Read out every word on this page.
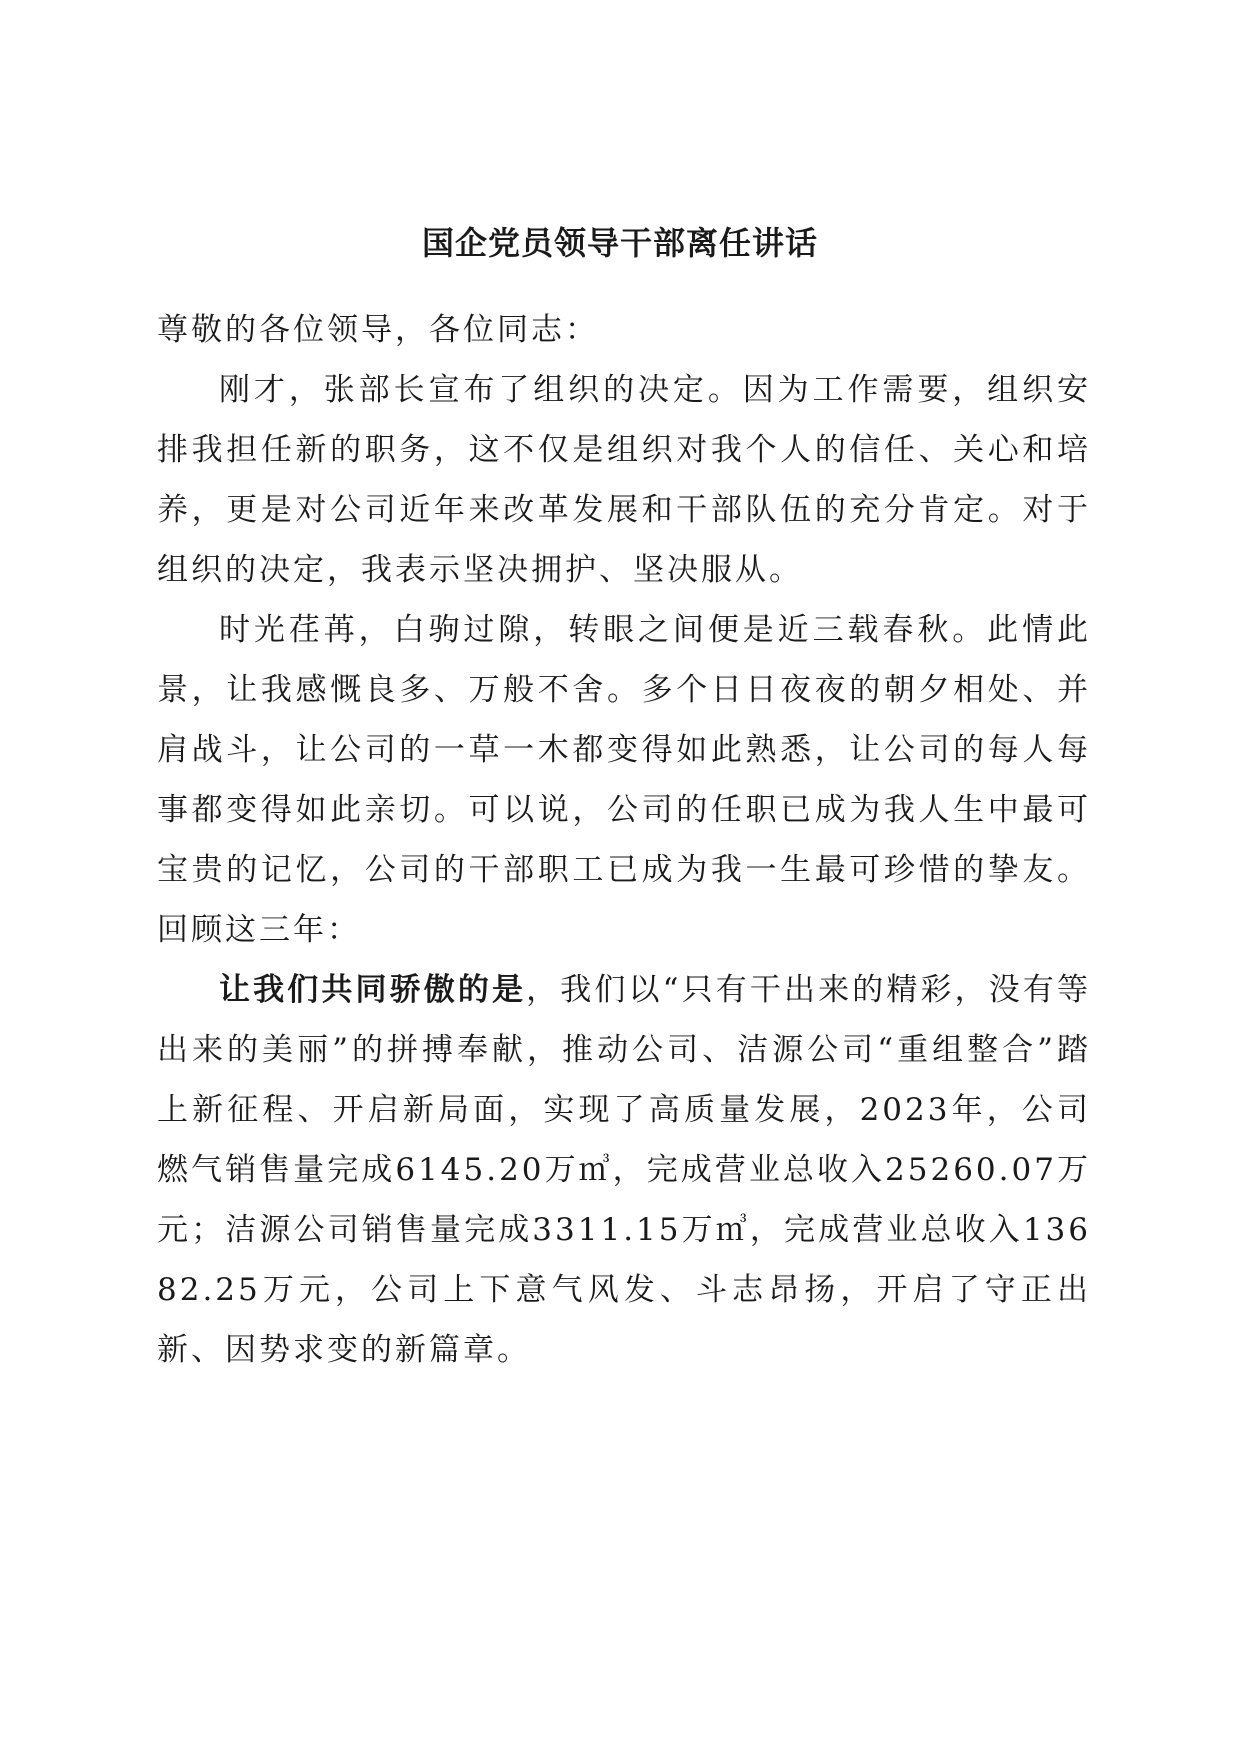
国企党员领导干部离任讲话

尊敬的各位领导，各位同志：

刚才，张部长宣布了组织的决定。因为工作需要，组织安排我担任新的职务，这不仅是组织对我个人的信任、关心和培养，更是对公司近年来改革发展和干部队伍的充分肯定。对于组织的决定，我表示坚决拥护、坚决服从。

时光荏苒，白驹过隙，转眼之间便是近三载春秋。此情此景，让我感慨良多、万般不舍。多个日日夜夜的朝夕相处、并肩战斗，让公司的一草一木都变得如此熟悉，让公司的每人每事都变得如此亲切。可以说，公司的任职已成为我人生中最可宝贵的记忆，公司的干部职工已成为我一生最可珍惜的挚友。回顾这三年：

让我们共同骄傲的是，我们以“只有干出来的精彩，没有等出来的美丽”的拼搏奉献，推动公司、洁源公司“重组整合”踏上新征程、开启新局面，实现了高质量发展，2023年，公司燃气销售量完成6145.20万㎥，完成营业总收入25260.07万元；洁源公司销售量完成3311.15万㎥，完成营业总收入13682.25万元，公司上下意气风发、斗志昂扬，开启了守正出新、因势求变的新篇章。
